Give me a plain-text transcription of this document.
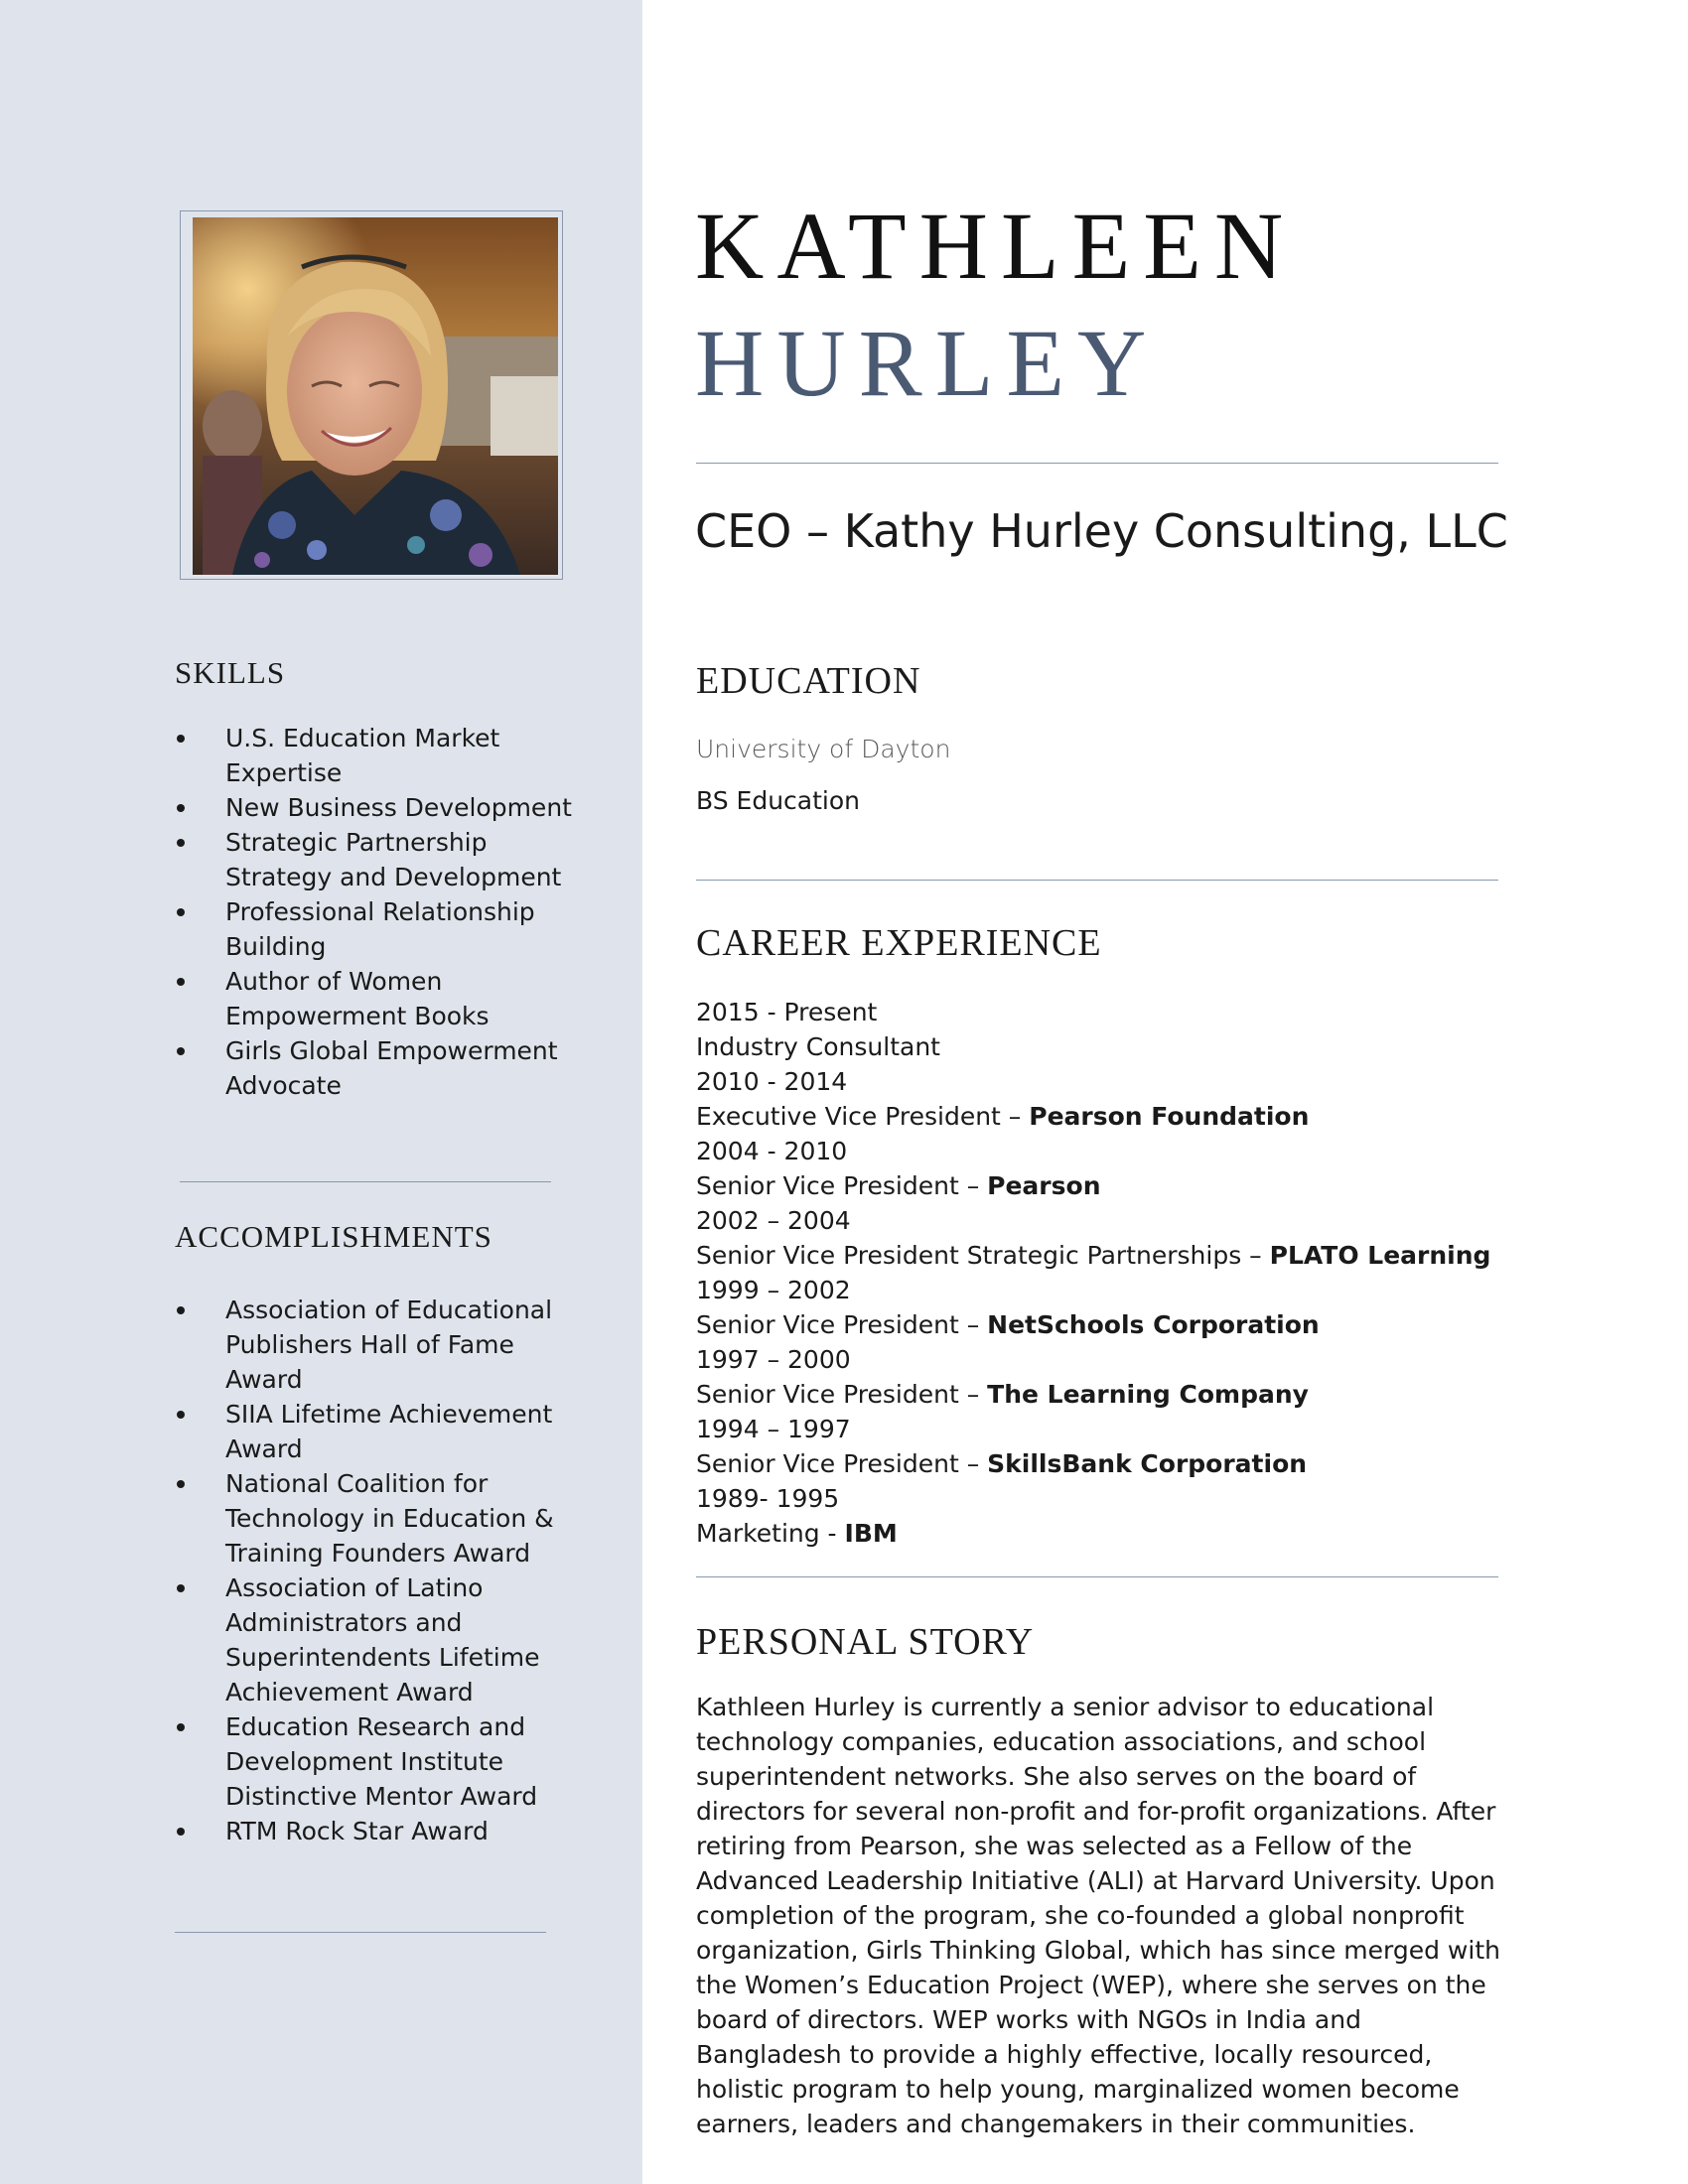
SKILLS
U.S. Education Market Expertise
New Business Development
Strategic Partnership Strategy and Development
Professional Relationship Building
Author of Women Empowerment Books
Girls Global Empowerment Advocate
ACCOMPLISHMENTS
Association of Educational Publishers Hall of Fame Award
SIIA Lifetime Achievement Award
National Coalition for Technology in Education & Training Founders Award
Association of Latino Administrators and Superintendents Lifetime Achievement Award
Education Research and Development Institute Distinctive Mentor Award
RTM Rock Star Award
KATHLEEN
HURLEY
CEO – Kathy Hurley Consulting, LLC
EDUCATION
University of Dayton
BS Education
CAREER EXPERIENCE
2015 - Present
Industry Consultant
2010 - 2014
Executive Vice President – Pearson Foundation
2004 - 2010
Senior Vice President – Pearson
2002 – 2004
Senior Vice President Strategic Partnerships – PLATO Learning
1999 – 2002
Senior Vice President – NetSchools Corporation
1997 – 2000
Senior Vice President – The Learning Company
1994 – 1997
Senior Vice President – SkillsBank Corporation
1989- 1995
Marketing - IBM
PERSONAL STORY

Kathleen Hurley is currently a senior advisor to educational technology companies, education associations, and school superintendent networks. She also serves on the board of directors for several non-profit and for-profit organizations. After retiring from Pearson, she was selected as a Fellow of the Advanced Leadership Initiative (ALI) at Harvard University. Upon completion of the program, she co-founded a global nonprofit organization, Girls Thinking Global, which has since merged with the Women’s Education Project (WEP), where she serves on the board of directors. WEP works with NGOs in India and Bangladesh to provide a highly effective, locally resourced, holistic program to help young, marginalized women become earners, leaders and changemakers in their communities.
